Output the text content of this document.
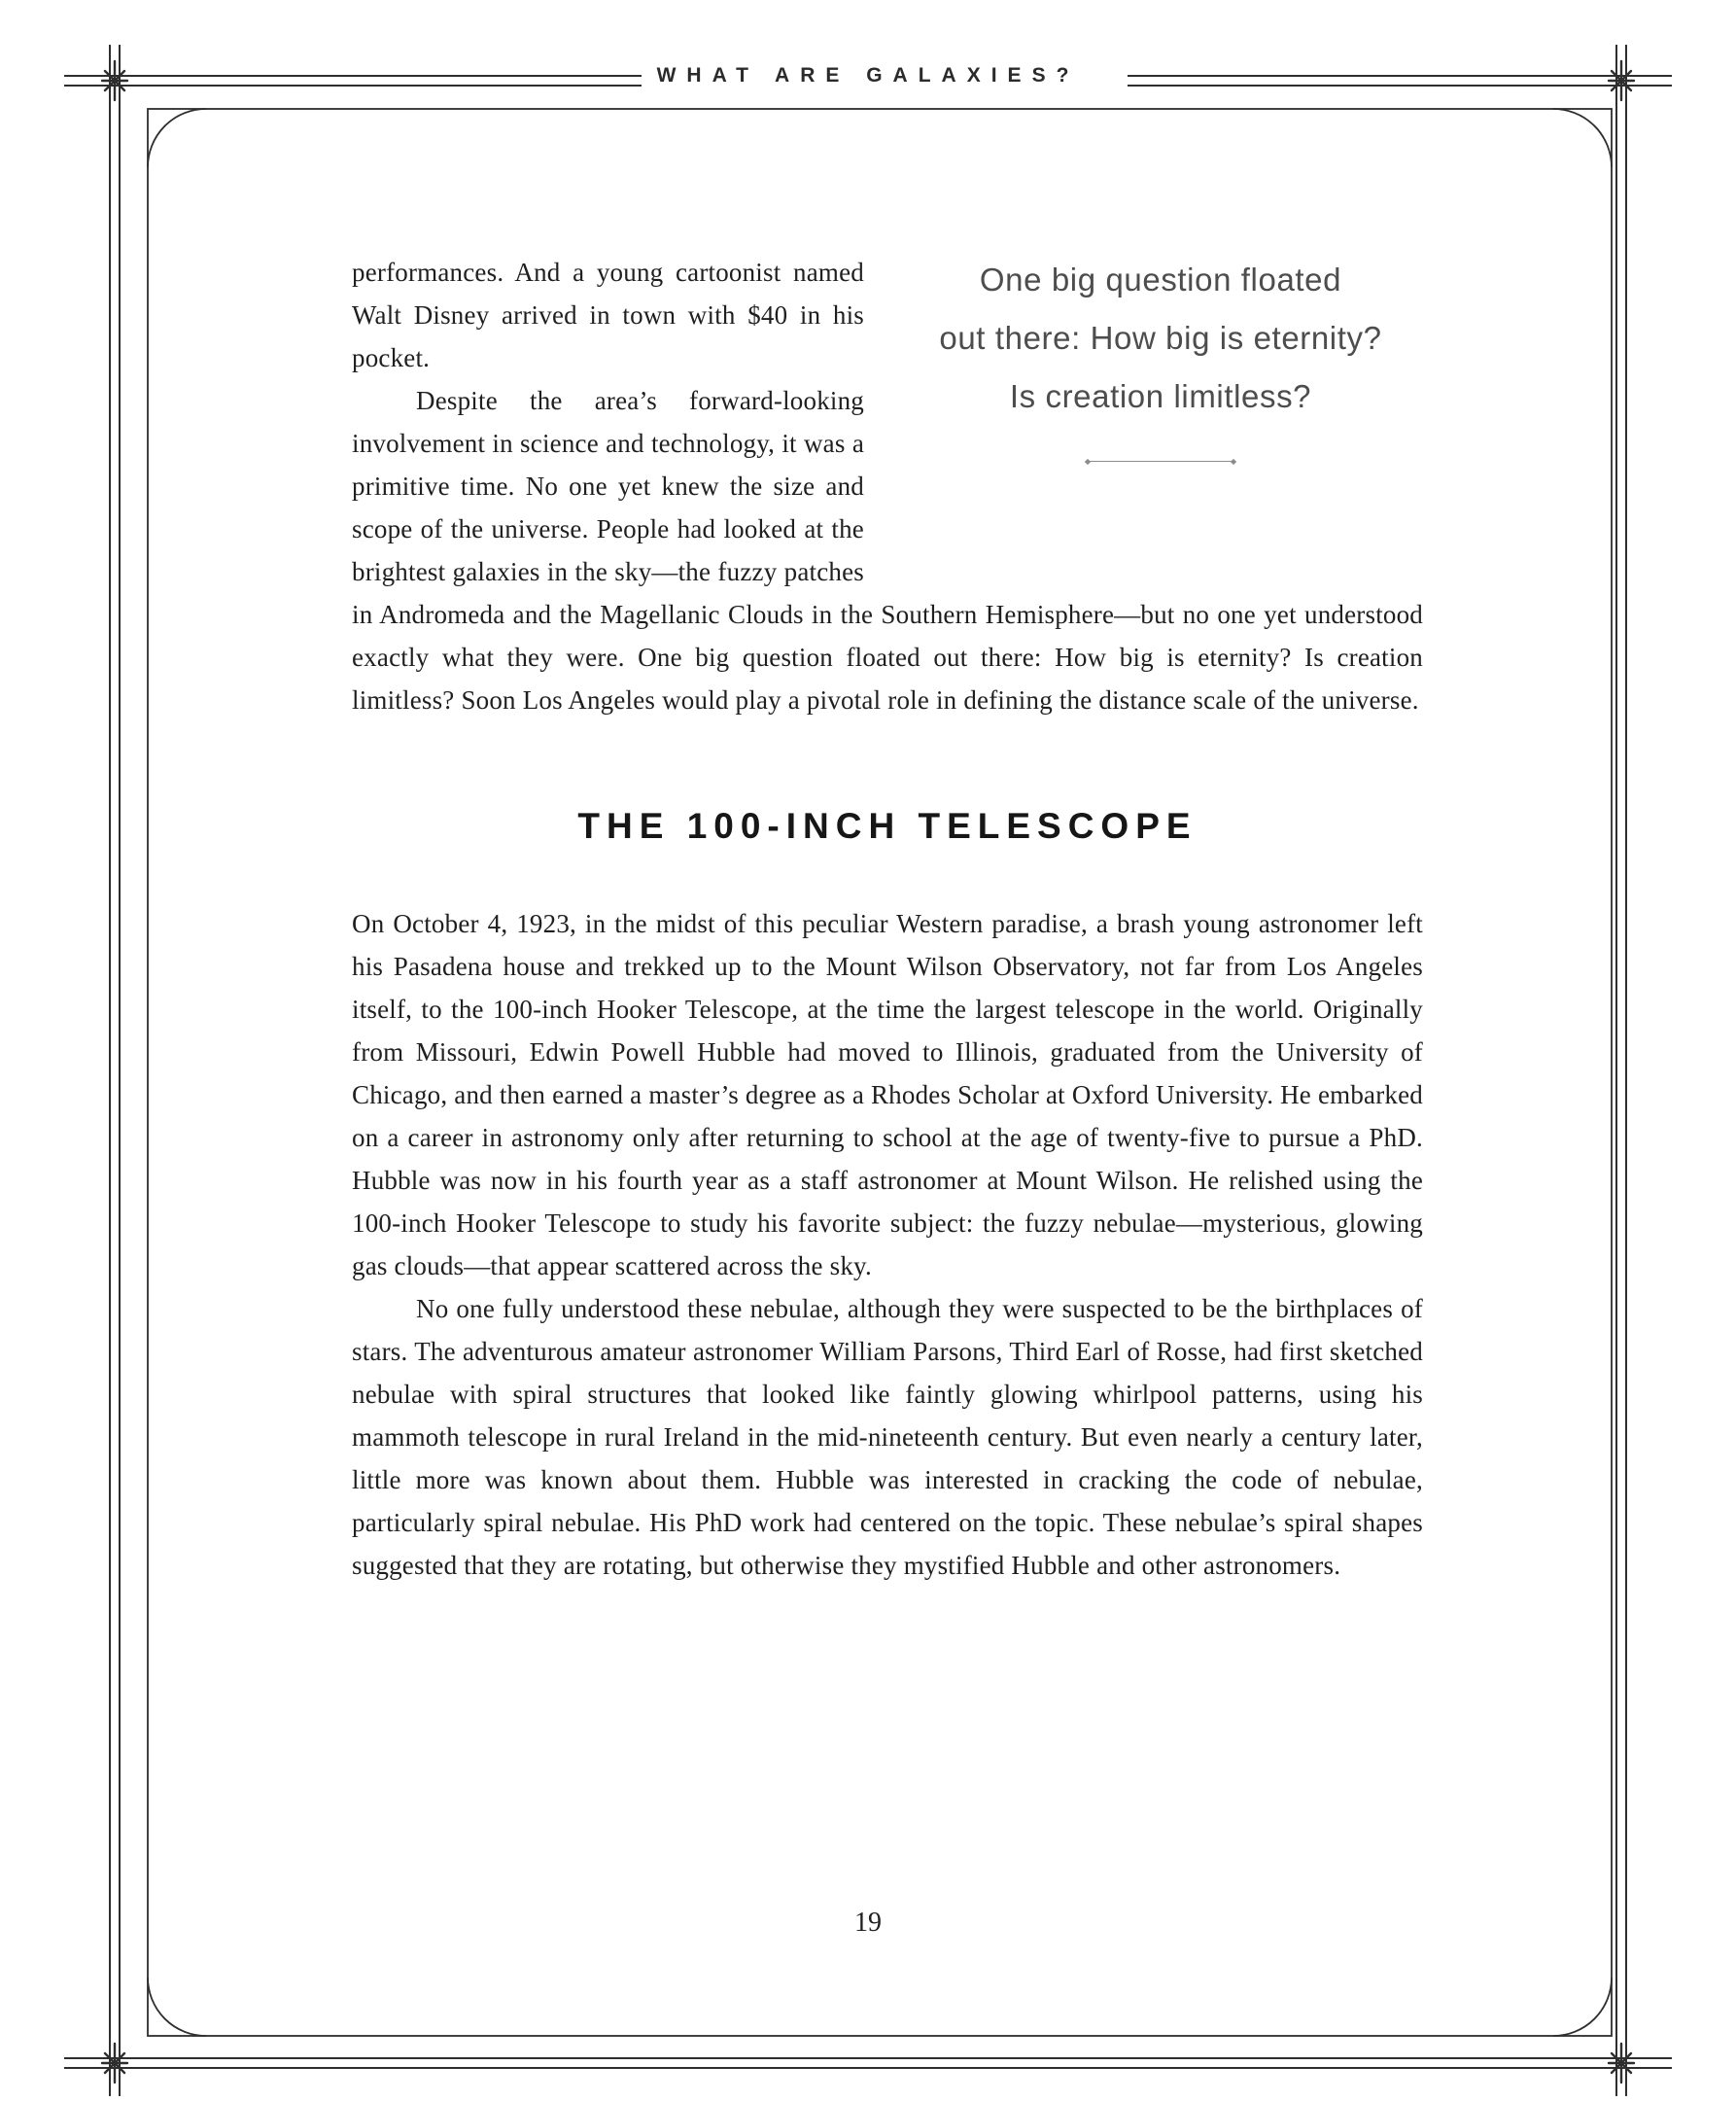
WHAT ARE GALAXIES?
One big question floated
out there: How big is eternity?
Is creation limitless?

performances. And a young cartoonist named Walt Disney arrived in town with $40 in his pocket.

Despite the area’s forward-looking involvement in science and technology, it was a primitive time. No one yet knew the size and scope of the universe. People had looked at the brightest galaxies in the sky—the fuzzy patches in Andromeda and the Magellanic Clouds in the Southern Hemisphere—but no one yet understood exactly what they were. One big question floated out there: How big is eternity? Is creation limitless? Soon Los Angeles would play a pivotal role in defining the distance scale of the universe.

THE 100-INCH TELESCOPE

On October 4, 1923, in the midst of this peculiar Western paradise, a brash young astronomer left his Pasadena house and trekked up to the Mount Wilson Observatory, not far from Los Angeles itself, to the 100-inch Hooker Telescope, at the time the largest telescope in the world. Originally from Missouri, Edwin Powell Hubble had moved to Illinois, graduated from the University of Chicago, and then earned a master’s degree as a Rhodes Scholar at Oxford University. He embarked on a career in astronomy only after returning to school at the age of twenty-five to pursue a PhD. Hubble was now in his fourth year as a staff astronomer at Mount Wilson. He relished using the 100-inch Hooker Telescope to study his favorite subject: the fuzzy nebulae—mysterious, glowing gas clouds—that appear scattered across the sky.

No one fully understood these nebulae, although they were suspected to be the birthplaces of stars. The adventurous amateur astronomer William Parsons, Third Earl of Rosse, had first sketched nebulae with spiral structures that looked like faintly glowing whirlpool patterns, using his mammoth telescope in rural Ireland in the mid-nineteenth century. But even nearly a century later, little more was known about them. Hubble was interested in cracking the code of nebulae, particularly spiral nebulae. His PhD work had centered on the topic. These nebulae’s spiral shapes suggested that they are rotating, but otherwise they mystified Hubble and other astronomers.

19
